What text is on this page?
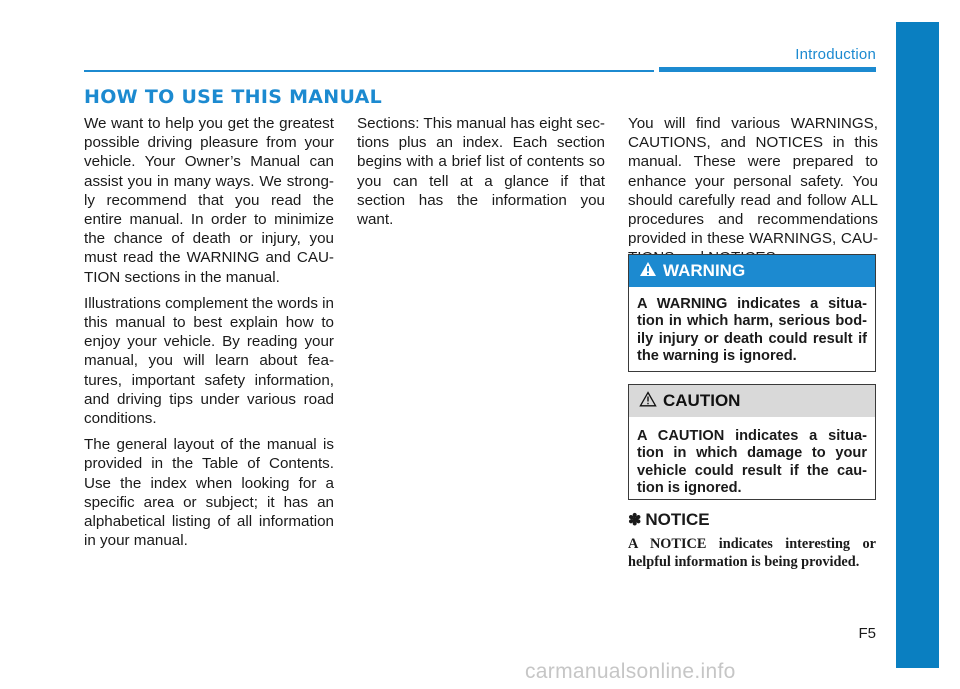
Introduction
HOW TO USE THIS MANUAL

We want to help you get the greatest possible driving pleasure from your vehicle. Your Owner’s Manual can assist you in many ways. We strong- ly recommend that you read the entire manual. In order to minimize the chance of death or injury, you must read the WARNING and CAU- TION sections in the manual.

Illustrations complement the words in this manual to best explain how to enjoy your vehicle. By reading your manual, you will learn about fea- tures, important safety information, and driving tips under various road conditions.

The general layout of the manual is provided in the Table of Contents. Use the index when looking for a specific area or subject; it has an alphabetical listing of all information in your manual.

Sections: This manual has eight sec- tions plus an index. Each section begins with a brief list of contents so you can tell at a glance if that section has the information you want.

You will find various WARNINGS, CAUTIONS, and NOTICES in this manual. These were prepared to enhance your personal safety. You should carefully read and follow ALL procedures and recommendations provided in these WARNINGS, CAU-

WARNING
A WARNING indicates a situa- tion in which harm, serious bod- ily injury or death could result if the warning is ignored.
CAUTION
A CAUTION indicates a situa- tion in which damage to your vehicle could result if the cau- tion is ignored.
✽ NOTICE
A NOTICE indicates interesting or helpful information is being provided.
F5
carmanualsonline.info
